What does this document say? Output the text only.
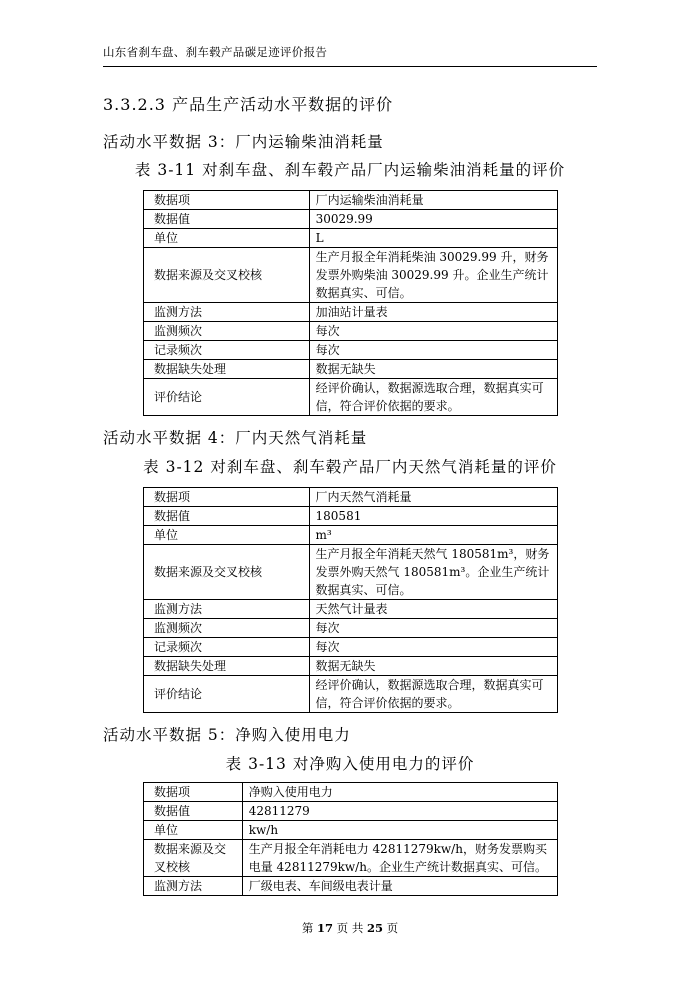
山东省刹车盘、刹车毂产品碳足迹评价报告
3.3.2.3 产品生产活动水平数据的评价
活动水平数据 3：厂内运输柴油消耗量
表 3-11 对刹车盘、刹车毂产品厂内运输柴油消耗量的评价
数据项	厂内运输柴油消耗量
数据值	30029.99
单位	L
数据来源及交叉校核	生产月报全年消耗柴油 30029.99 升，财务发票外购柴油 30029.99 升。企业生产统计数据真实、可信。
监测方法	加油站计量表
监测频次	每次
记录频次	每次
数据缺失处理	数据无缺失
评价结论	经评价确认，数据源选取合理，数据真实可信，符合评价依据的要求。
活动水平数据 4：厂内天然气消耗量
表 3-12 对刹车盘、刹车毂产品厂内天然气消耗量的评价
数据项	厂内天然气消耗量
数据值	180581
单位	m³
数据来源及交叉校核	生产月报全年消耗天然气 180581m³，财务发票外购天然气 180581m³。企业生产统计数据真实、可信。
监测方法	天然气计量表
监测频次	每次
记录频次	每次
数据缺失处理	数据无缺失
评价结论	经评价确认，数据源选取合理，数据真实可信，符合评价依据的要求。
活动水平数据 5：净购入使用电力
表 3-13 对净购入使用电力的评价
数据项	净购入使用电力
数据值	42811279
单位	kw/h
数据来源及交叉校核	生产月报全年消耗电力 42811279kw/h，财务发票购买电量 42811279kw/h。企业生产统计数据真实、可信。
监测方法	厂级电表、车间级电表计量
第 17 页 共 25 页
